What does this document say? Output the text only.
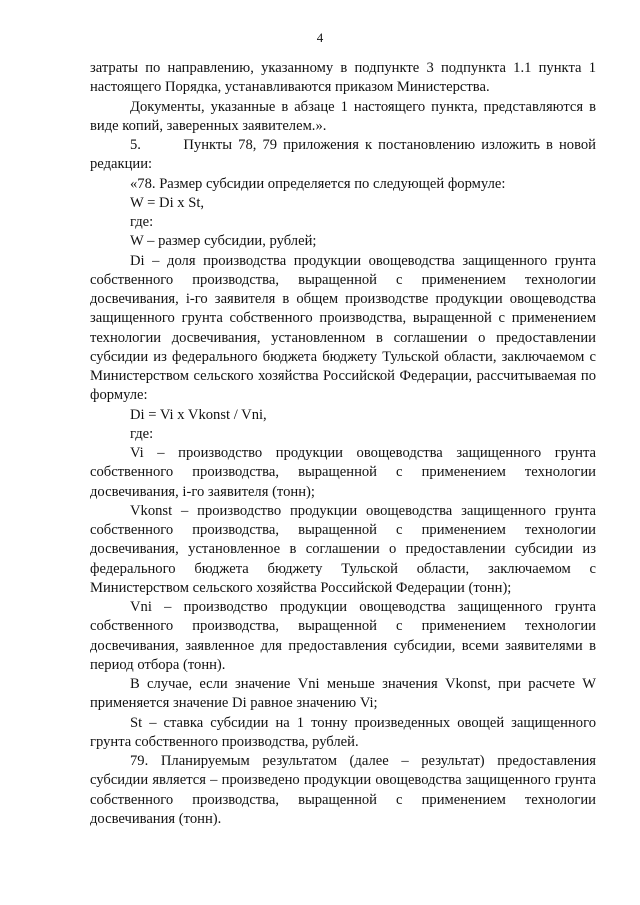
4

затраты по направлению, указанному в подпункте 3 подпункта 1.1 пункта 1 настоящего Порядка, устанавливаются приказом Министерства.

Документы, указанные в абзаце 1 настоящего пункта, представляются в виде копий, заверенных заявителем.».

5.       Пункты 78, 79 приложения к постановлению изложить в новой редакции:

«78. Размер субсидии определяется по следующей формуле:

W = Di x St,

где:

W – размер субсидии, рублей;

Di – доля производства продукции овощеводства защищенного грунта собственного производства, выращенной с применением технологии досвечивания, i-го заявителя в общем производстве продукции овощеводства защищенного грунта собственного производства, выращенной с применением технологии досвечивания, установленном в соглашении о предоставлении субсидии из федерального бюджета бюджету Тульской области, заключаемом с Министерством сельского хозяйства Российской Федерации, рассчитываемая по формуле:

Di = Vi x Vkonst / Vni,

где:

Vi – производство продукции овощеводства защищенного грунта собственного производства, выращенной с применением технологии досвечивания, i-го заявителя (тонн);

Vkonst – производство продукции овощеводства защищенного грунта собственного производства, выращенной с применением технологии досвечивания, установленное в соглашении о предоставлении субсидии из федерального бюджета бюджету Тульской области, заключаемом с Министерством сельского хозяйства Российской Федерации (тонн);

Vni – производство продукции овощеводства защищенного грунта собственного производства, выращенной с применением технологии досвечивания, заявленное для предоставления субсидии, всеми заявителями в период отбора (тонн).

В случае, если значение Vni меньше значения Vkonst, при расчете W применяется значение Di равное значению Vi;

St – ставка субсидии на 1 тонну произведенных овощей защищенного грунта собственного производства, рублей.

79. Планируемым результатом (далее – результат) предоставления субсидии является – произведено продукции овощеводства защищенного грунта собственного производства, выращенной с применением технологии досвечивания (тонн).
